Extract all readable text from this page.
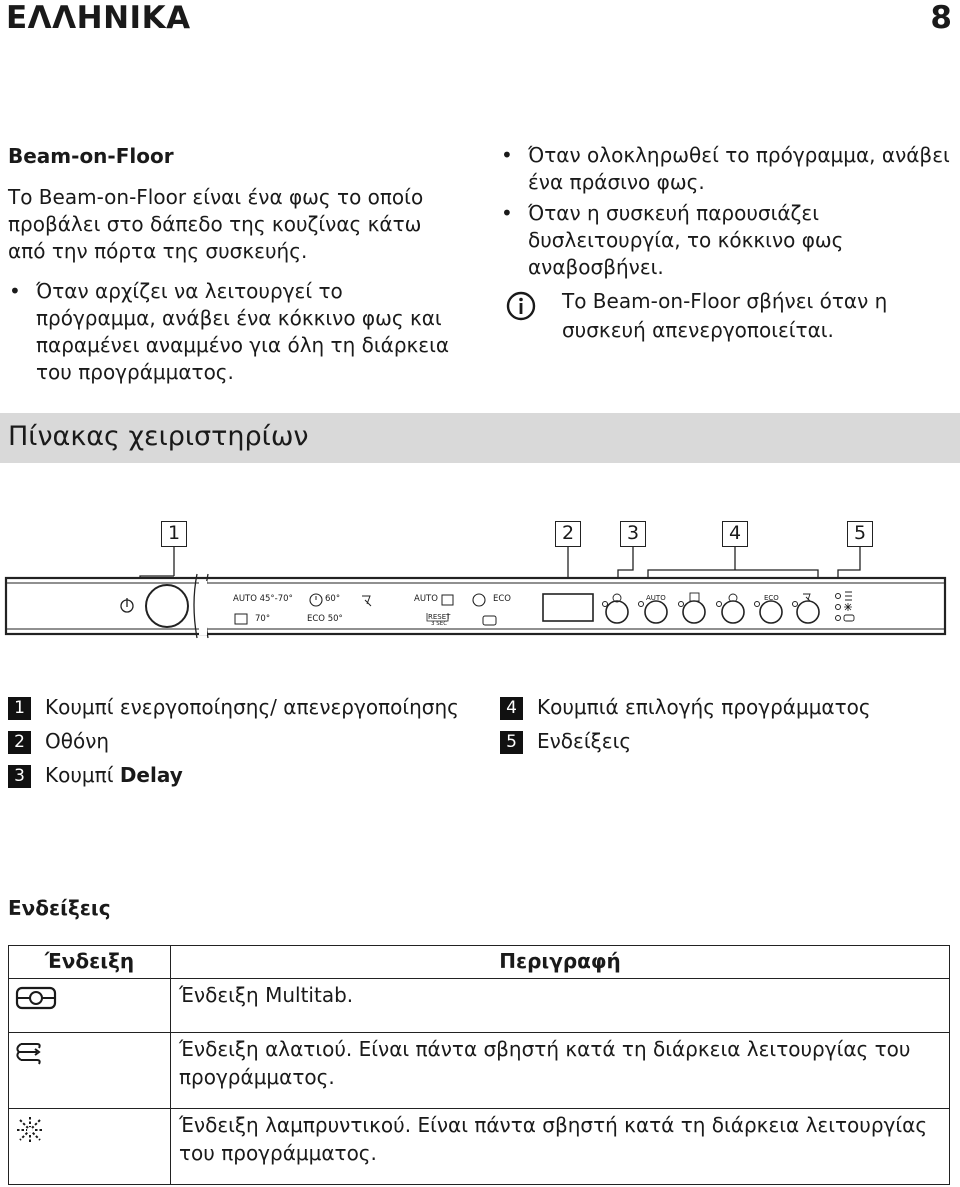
ΕΛΛΗΝΙΚΑ	8
Beam-on-Floor
Το Beam-on-Floor είναι ένα φως το οποίο προβάλει στο δάπεδο της κουζίνας κάτω από την πόρτα της συσκευής.
• Όταν αρχίζει να λειτουργεί το πρόγραμμα, ανάβει ένα κόκκινο φως και παραμένει αναμμένο για όλη τη διάρκεια του προγράμματος.
• Όταν ολοκληρωθεί το πρόγραμμα, ανάβει ένα πράσινο φως.
• Όταν η συσκευή παρουσιάζει δυσλειτουργία, το κόκκινο φως αναβοσβήνει.
Το Beam-on-Floor σβήνει όταν η συσκευή απενεργοποιείται.
Πίνακας χειριστηρίων
1	2	3	4	5
AUTO 45°-70°
70°
60°
ECO 50°
AUTO	ECO
RESET
3 SEC
AUTO	ECO
1	Κουμπί ενεργοποίησης/ απενεργοποίησης
2	Οθόνη
3	Κουμπί Delay
4	Κουμπιά επιλογής προγράμματος
5	Ενδείξεις
Ενδείξεις
Ένδειξη	Περιγραφή
	Ένδειξη Multitab.
	Ένδειξη αλατιού. Είναι πάντα σβηστή κατά τη διάρκεια λειτουργίας του προγράμματος.
	Ένδειξη λαμπρυντικού. Είναι πάντα σβηστή κατά τη διάρκεια λειτουργίας του προγράμματος.
